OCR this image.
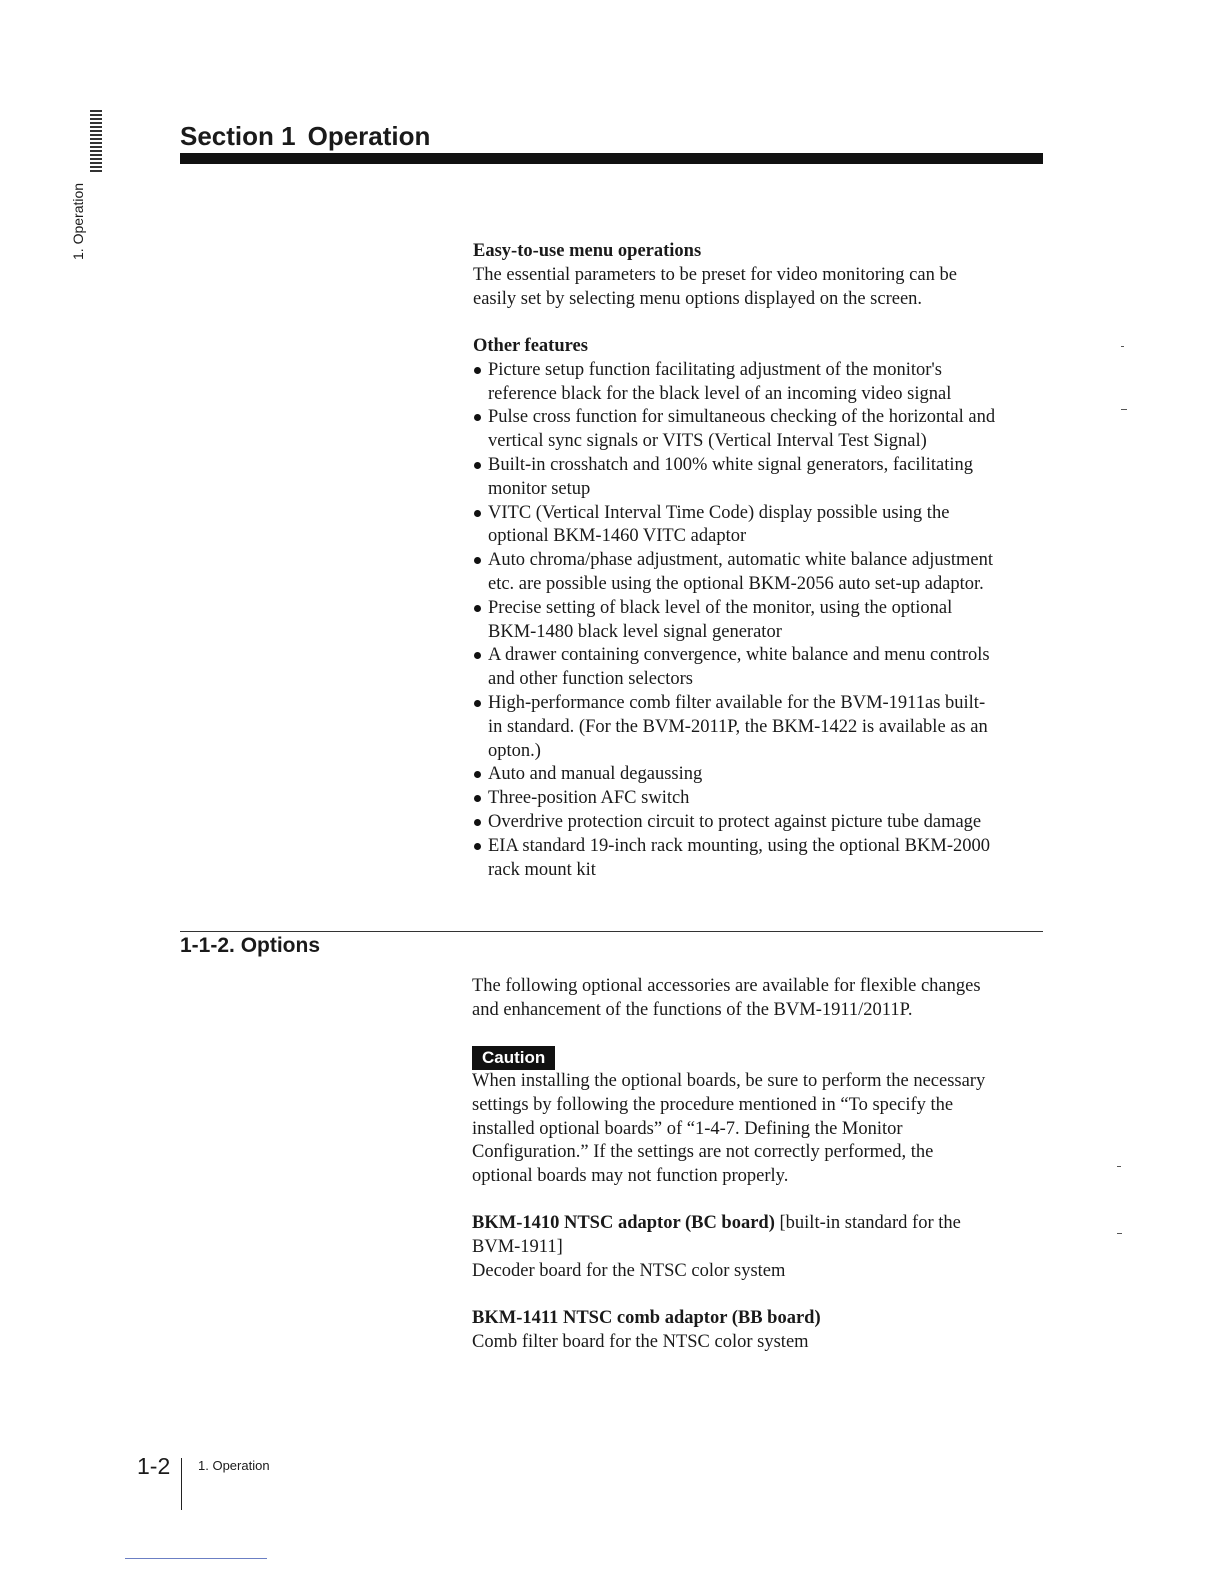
1. Operation
Section 1 Operation
Easy-to-use menu operations
The essential parameters to be preset for video monitoring can be
easily set by selecting menu options displayed on the screen.
Other features
Picture setup function facilitating adjustment of the monitor's
reference black for the black level of an incoming video signal
Pulse cross function for simultaneous checking of the horizontal and
vertical sync signals or VITS (Vertical Interval Test Signal)
Built-in crosshatch and 100% white signal generators, facilitating
monitor setup
VITC (Vertical Interval Time Code) display possible using the
optional BKM-1460 VITC adaptor
Auto chroma/phase adjustment, automatic white balance adjustment
etc. are possible using the optional BKM-2056 auto set-up adaptor.
Precise setting of black level of the monitor, using the optional
BKM-1480 black level signal generator
A drawer containing convergence, white balance and menu controls
and other function selectors
High-performance comb filter available for the BVM-1911as built-
in standard. (For the BVM-2011P, the BKM-1422 is available as an
opton.)
Auto and manual degaussing
Three-position AFC switch
Overdrive protection circuit to protect against picture tube damage
EIA standard 19-inch rack mounting, using the optional BKM-2000
rack mount kit
1-1-2. Options
The following optional accessories are available for flexible changes
and enhancement of the functions of the BVM-1911/2011P.
Caution
When installing the optional boards, be sure to perform the necessary
settings by following the procedure mentioned in “To specify the
installed optional boards” of “1-4-7. Defining the Monitor
Configuration.” If the settings are not correctly performed, the
optional boards may not function properly.
BKM-1410 NTSC adaptor (BC board) [built-in standard for the
BVM-1911]
Decoder board for the NTSC color system
BKM-1411 NTSC comb adaptor (BB board)
Comb filter board for the NTSC color system
1-2 1. Operation
